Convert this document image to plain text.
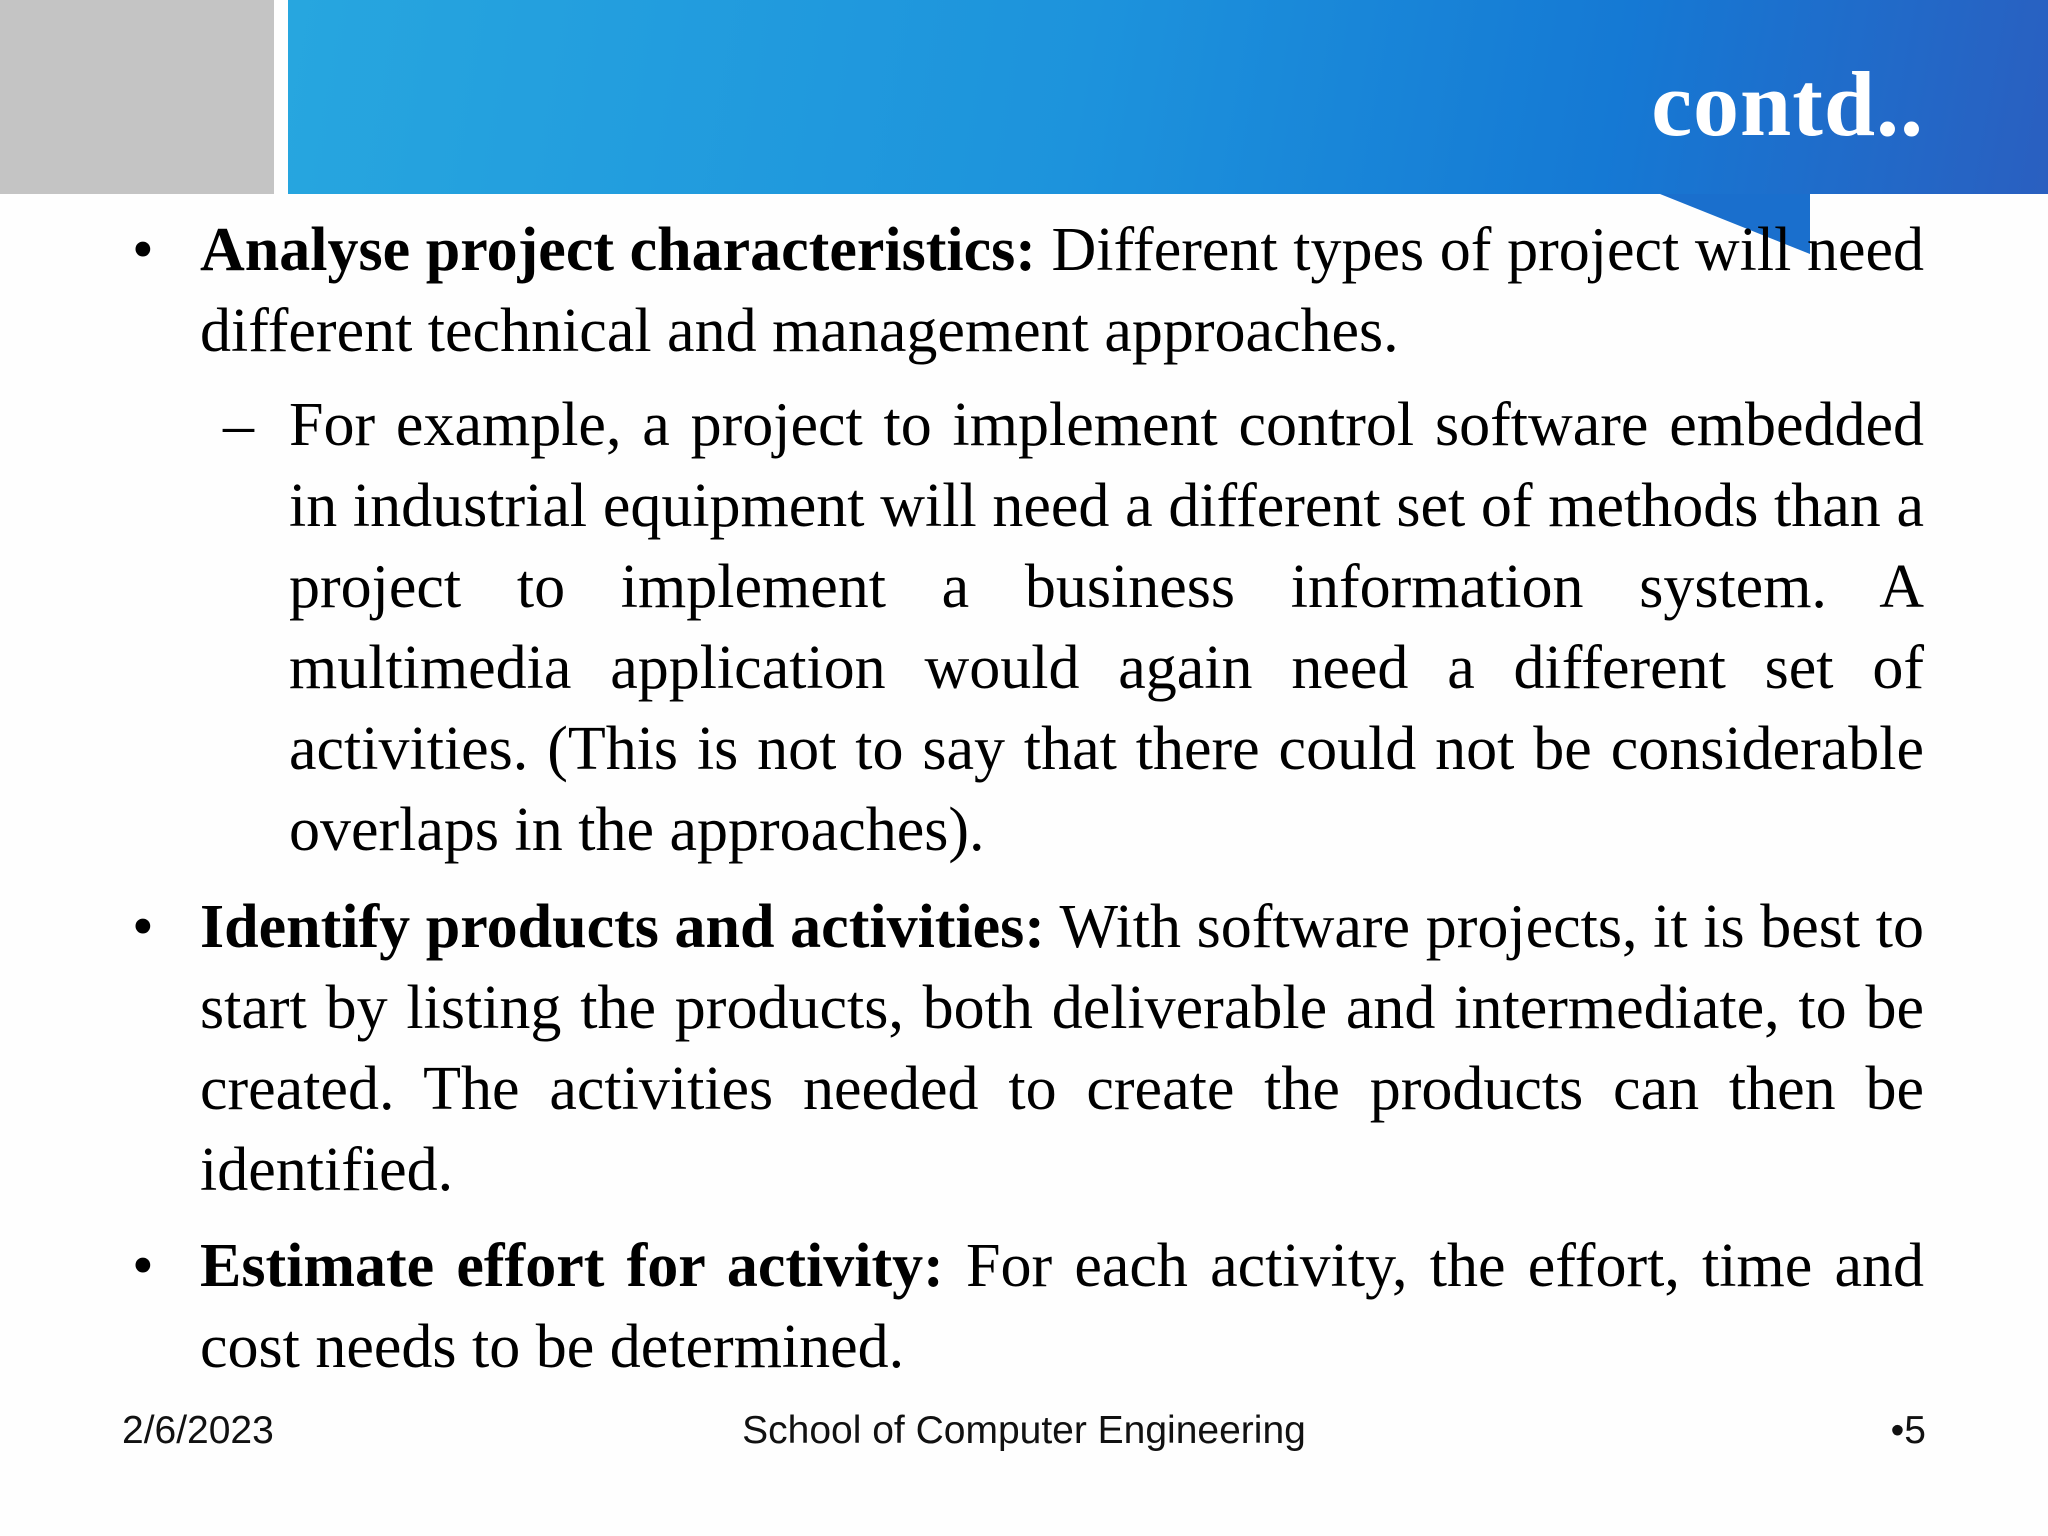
contd..
• Analyse project characteristics: Different types of project will need different technical and management approaches.
– For example, a project to implement control software embedded in industrial equipment will need a different set of methods than a project to implement a business information system. A multimedia application would again need a different set of activities. (This is not to say that there could not be considerable overlaps in the approaches).
• Identify products and activities: With software projects, it is best to start by listing the products, both deliverable and intermediate, to be created. The activities needed to create the products can then be identified.
• Estimate effort for activity: For each activity, the effort, time and cost needs to be determined.
2/6/2023	School of Computer Engineering	•5
